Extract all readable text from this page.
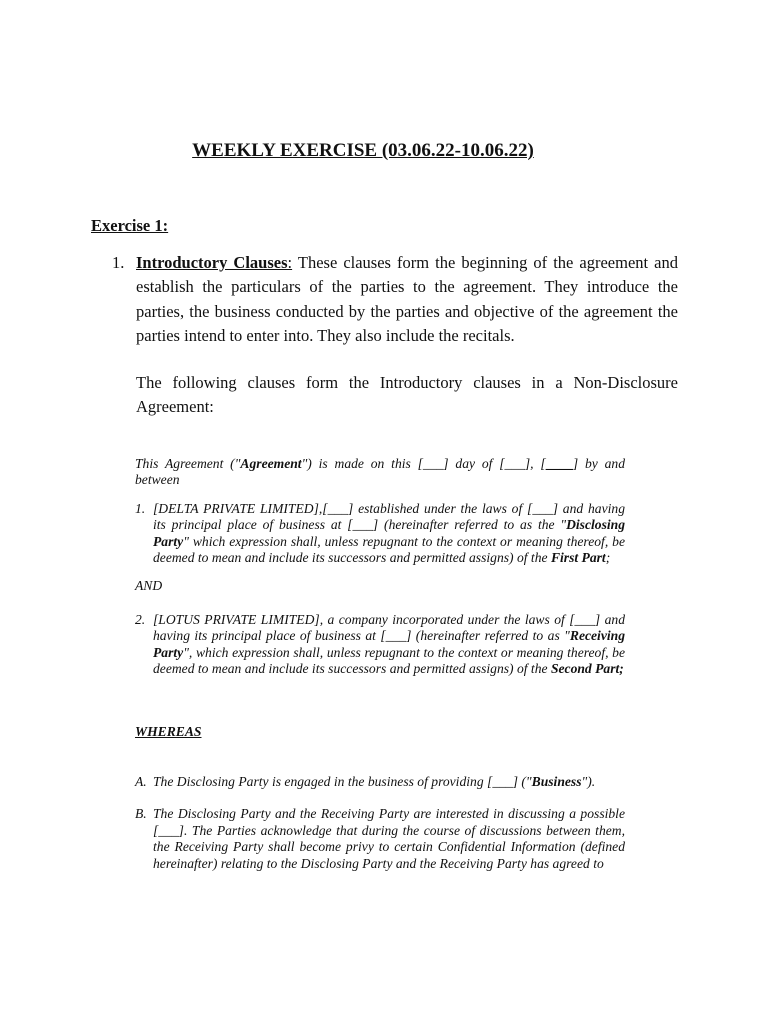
WEEKLY EXERCISE (03.06.22-10.06.22)
Exercise 1:
1. Introductory Clauses: These clauses form the beginning of the agreement and establish the particulars of the parties to the agreement. They introduce the parties, the business conducted by the parties and objective of the agreement the parties intend to enter into. They also include the recitals.

The following clauses form the Introductory clauses in a Non-Disclosure Agreement:

This Agreement ("Agreement") is made on this [___] day of [___], [____] by and between

1. [DELTA PRIVATE LIMITED],[___] established under the laws of [___] and having its principal place of business at [___] (hereinafter referred to as the "Disclosing Party" which expression shall, unless repugnant to the context or meaning thereof, be deemed to mean and include its successors and permitted assigns) of the First Part;

AND

2. [LOTUS PRIVATE LIMITED], a company incorporated under the laws of [___] and having its principal place of business at [___] (hereinafter referred to as "Receiving Party", which expression shall, unless repugnant to the context or meaning thereof, be deemed to mean and include its successors and permitted assigns) of the Second Part;

WHEREAS

A. The Disclosing Party is engaged in the business of providing [___] ("Business").

B. The Disclosing Party and the Receiving Party are interested in discussing a possible [___]. The Parties acknowledge that during the course of discussions between them, the Receiving Party shall become privy to certain Confidential Information (defined hereinafter) relating to the Disclosing Party and the Receiving Party has agreed to
